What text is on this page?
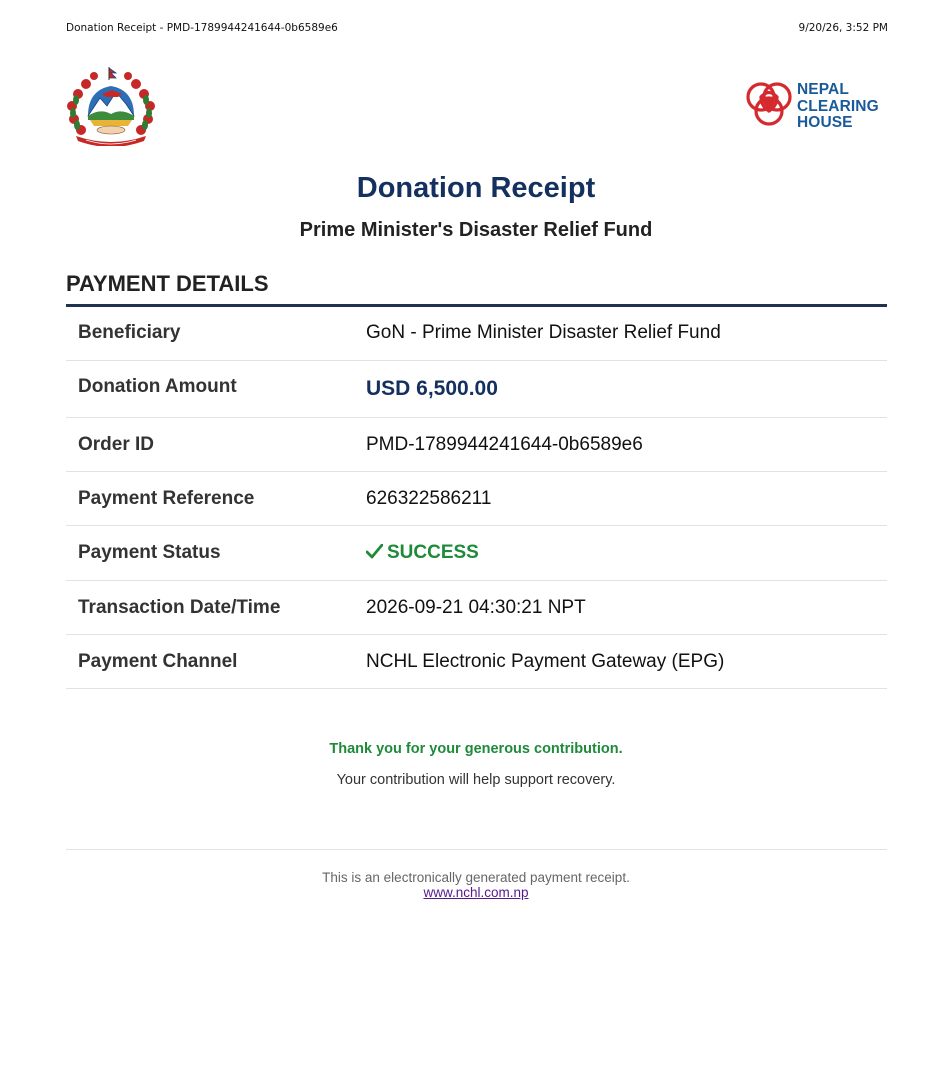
Donation Receipt - PMD-1789944241644-0b6589e6	9/20/26, 3:52 PM
NEPAL
CLEARING
HOUSE
Donation Receipt
Prime Minister's Disaster Relief Fund
PAYMENT DETAILS
Beneficiary	GoN - Prime Minister Disaster Relief Fund
Donation Amount	USD 6,500.00
Order ID	PMD-1789944241644-0b6589e6
Payment Reference	626322586211
Payment Status	SUCCESS
Transaction Date/Time	2026-09-21 04:30:21 NPT
Payment Channel	NCHL Electronic Payment Gateway (EPG)
Thank you for your generous contribution.
Your contribution will help support recovery.
This is an electronically generated payment receipt.
www.nchl.com.np
